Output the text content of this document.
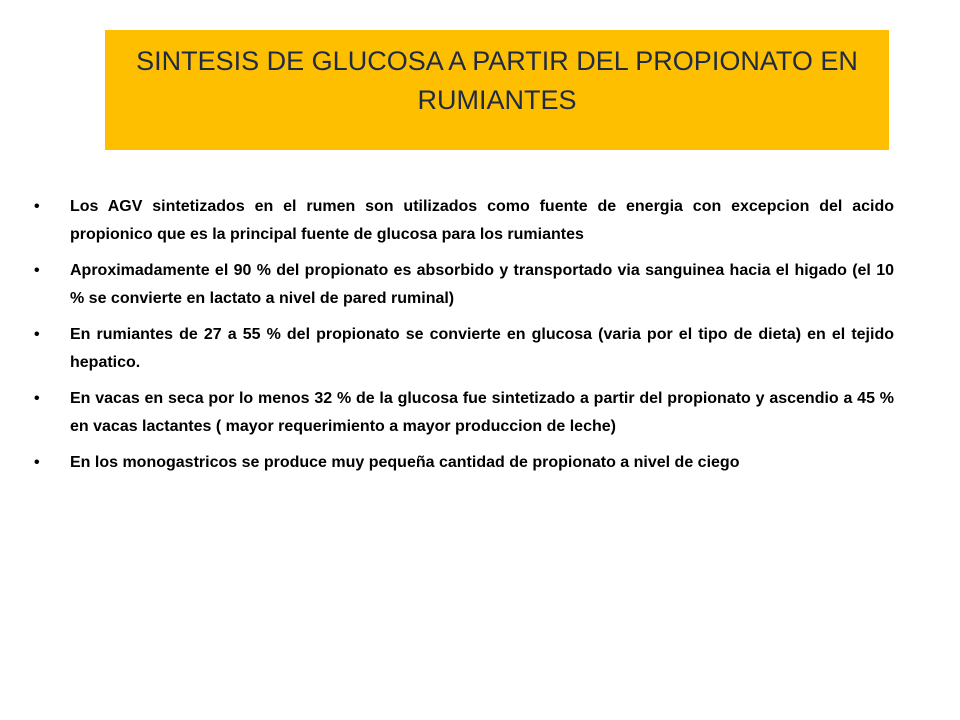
SINTESIS DE GLUCOSA A PARTIR DEL PROPIONATO EN RUMIANTES
•	Los AGV sintetizados en el rumen son utilizados como fuente de energia con excepcion del acido propionico que es la principal fuente de glucosa para los rumiantes
•	Aproximadamente el 90 % del propionato es absorbido y transportado via sanguinea hacia el higado (el 10 % se convierte en lactato a nivel de pared ruminal)
•	En rumiantes de 27 a 55 % del propionato se convierte en glucosa (varia por el tipo de dieta) en el tejido hepatico.
•	En vacas en seca por lo menos 32 % de la glucosa fue sintetizado a partir del propionato y ascendio a 45 % en vacas lactantes ( mayor requerimiento a mayor produccion de leche)
•	En los monogastricos se produce muy pequeña cantidad de propionato a nivel de ciego
